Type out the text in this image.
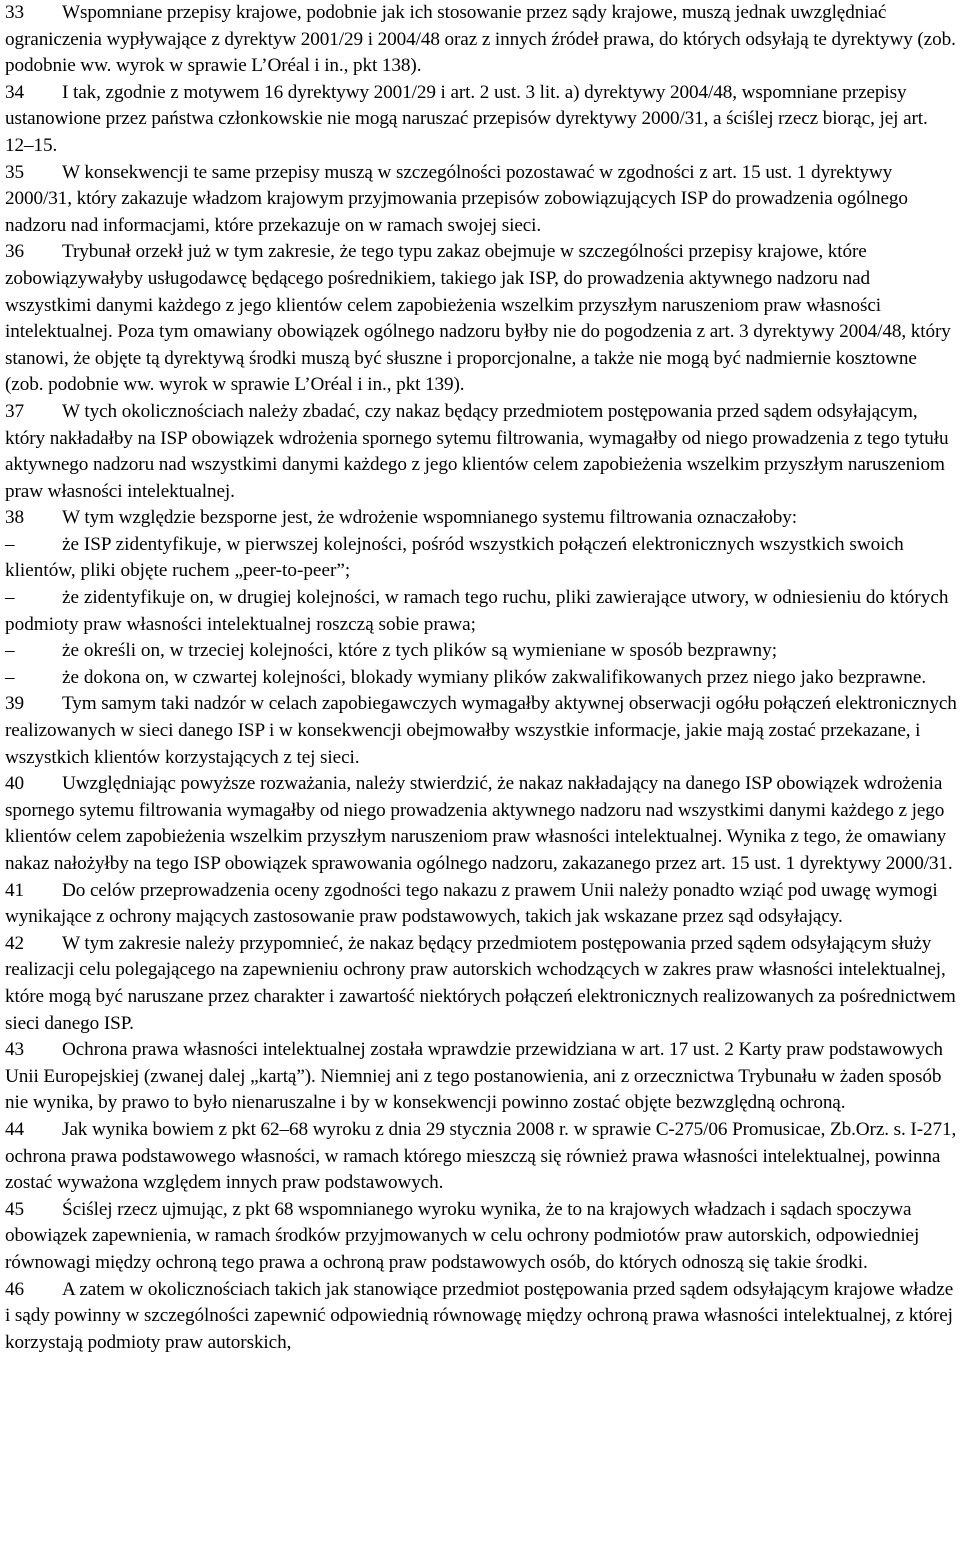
33 Wspomniane przepisy krajowe, podobnie jak ich stosowanie przez sądy krajowe, muszą jednak uwzględniać ograniczenia wypływające z dyrektyw 2001/29 i 2004/48 oraz z innych źródeł prawa, do których odsyłają te dyrektywy (zob. podobnie ww. wyrok w sprawie L’Oréal i in., pkt 138).

34 I tak, zgodnie z motywem 16 dyrektywy 2001/29 i art. 2 ust. 3 lit. a) dyrektywy 2004/48, wspomniane przepisy ustanowione przez państwa członkowskie nie mogą naruszać przepisów dyrektywy 2000/31, a ściślej rzecz biorąc, jej art. 12–15.

35 W konsekwencji te same przepisy muszą w szczególności pozostawać w zgodności z art. 15 ust. 1 dyrektywy 2000/31, który zakazuje władzom krajowym przyjmowania przepisów zobowiązujących ISP do prowadzenia ogólnego nadzoru nad informacjami, które przekazuje on w ramach swojej sieci.

36 Trybunał orzekł już w tym zakresie, że tego typu zakaz obejmuje w szczególności przepisy krajowe, które zobowiązywałyby usługodawcę będącego pośrednikiem, takiego jak ISP, do prowadzenia aktywnego nadzoru nad wszystkimi danymi każdego z jego klientów celem zapobieżenia wszelkim przyszłym naruszeniom praw własności intelektualnej. Poza tym omawiany obowiązek ogólnego nadzoru byłby nie do pogodzenia z art. 3 dyrektywy 2004/48, który stanowi, że objęte tą dyrektywą środki muszą być słuszne i proporcjonalne, a także nie mogą być nadmiernie kosztowne (zob. podobnie ww. wyrok w sprawie L’Oréal i in., pkt 139).

37 W tych okolicznościach należy zbadać, czy nakaz będący przedmiotem postępowania przed sądem odsyłającym, który nakładałby na ISP obowiązek wdrożenia spornego sytemu filtrowania, wymagałby od niego prowadzenia z tego tytułu aktywnego nadzoru nad wszystkimi danymi każdego z jego klientów celem zapobieżenia wszelkim przyszłym naruszeniom praw własności intelektualnej.

38 W tym względzie bezsporne jest, że wdrożenie wspomnianego systemu filtrowania oznaczałoby:

– że ISP zidentyfikuje, w pierwszej kolejności, pośród wszystkich połączeń elektronicznych wszystkich swoich klientów, pliki objęte ruchem „peer-to-peer”;

– że zidentyfikuje on, w drugiej kolejności, w ramach tego ruchu, pliki zawierające utwory, w odniesieniu do których podmioty praw własności intelektualnej roszczą sobie prawa;

– że określi on, w trzeciej kolejności, które z tych plików są wymieniane w sposób bezprawny;

– że dokona on, w czwartej kolejności, blokady wymiany plików zakwalifikowanych przez niego jako bezprawne.

39 Tym samym taki nadzór w celach zapobiegawczych wymagałby aktywnej obserwacji ogółu połączeń elektronicznych realizowanych w sieci danego ISP i w konsekwencji obejmowałby wszystkie informacje, jakie mają zostać przekazane, i wszystkich klientów korzystających z tej sieci.

40 Uwzględniając powyższe rozważania, należy stwierdzić, że nakaz nakładający na danego ISP obowiązek wdrożenia spornego sytemu filtrowania wymagałby od niego prowadzenia aktywnego nadzoru nad wszystkimi danymi każdego z jego klientów celem zapobieżenia wszelkim przyszłym naruszeniom praw własności intelektualnej. Wynika z tego, że omawiany nakaz nałożyłby na tego ISP obowiązek sprawowania ogólnego nadzoru, zakazanego przez art. 15 ust. 1 dyrektywy 2000/31.

41 Do celów przeprowadzenia oceny zgodności tego nakazu z prawem Unii należy ponadto wziąć pod uwagę wymogi wynikające z ochrony mających zastosowanie praw podstawowych, takich jak wskazane przez sąd odsyłający.

42 W tym zakresie należy przypomnieć, że nakaz będący przedmiotem postępowania przed sądem odsyłającym służy realizacji celu polegającego na zapewnieniu ochrony praw autorskich wchodzących w zakres praw własności intelektualnej, które mogą być naruszane przez charakter i zawartość niektórych połączeń elektronicznych realizowanych za pośrednictwem sieci danego ISP.

43 Ochrona prawa własności intelektualnej została wprawdzie przewidziana w art. 17 ust. 2 Karty praw podstawowych Unii Europejskiej (zwanej dalej „kartą”). Niemniej ani z tego postanowienia, ani z orzecznictwa Trybunału w żaden sposób nie wynika, by prawo to było nienaruszalne i by w konsekwencji powinno zostać objęte bezwzględną ochroną.

44 Jak wynika bowiem z pkt 62–68 wyroku z dnia 29 stycznia 2008 r. w sprawie C-275/06 Promusicae, Zb.Orz. s. I-271, ochrona prawa podstawowego własności, w ramach którego mieszczą się również prawa własności intelektualnej, powinna zostać wyważona względem innych praw podstawowych.

45 Ściślej rzecz ujmując, z pkt 68 wspomnianego wyroku wynika, że to na krajowych władzach i sądach spoczywa obowiązek zapewnienia, w ramach środków przyjmowanych w celu ochrony podmiotów praw autorskich, odpowiedniej równowagi między ochroną tego prawa a ochroną praw podstawowych osób, do których odnoszą się takie środki.

46 A zatem w okolicznościach takich jak stanowiące przedmiot postępowania przed sądem odsyłającym krajowe władze i sądy powinny w szczególności zapewnić odpowiednią równowagę między ochroną prawa własności intelektualnej, z której korzystają podmioty praw autorskich,
